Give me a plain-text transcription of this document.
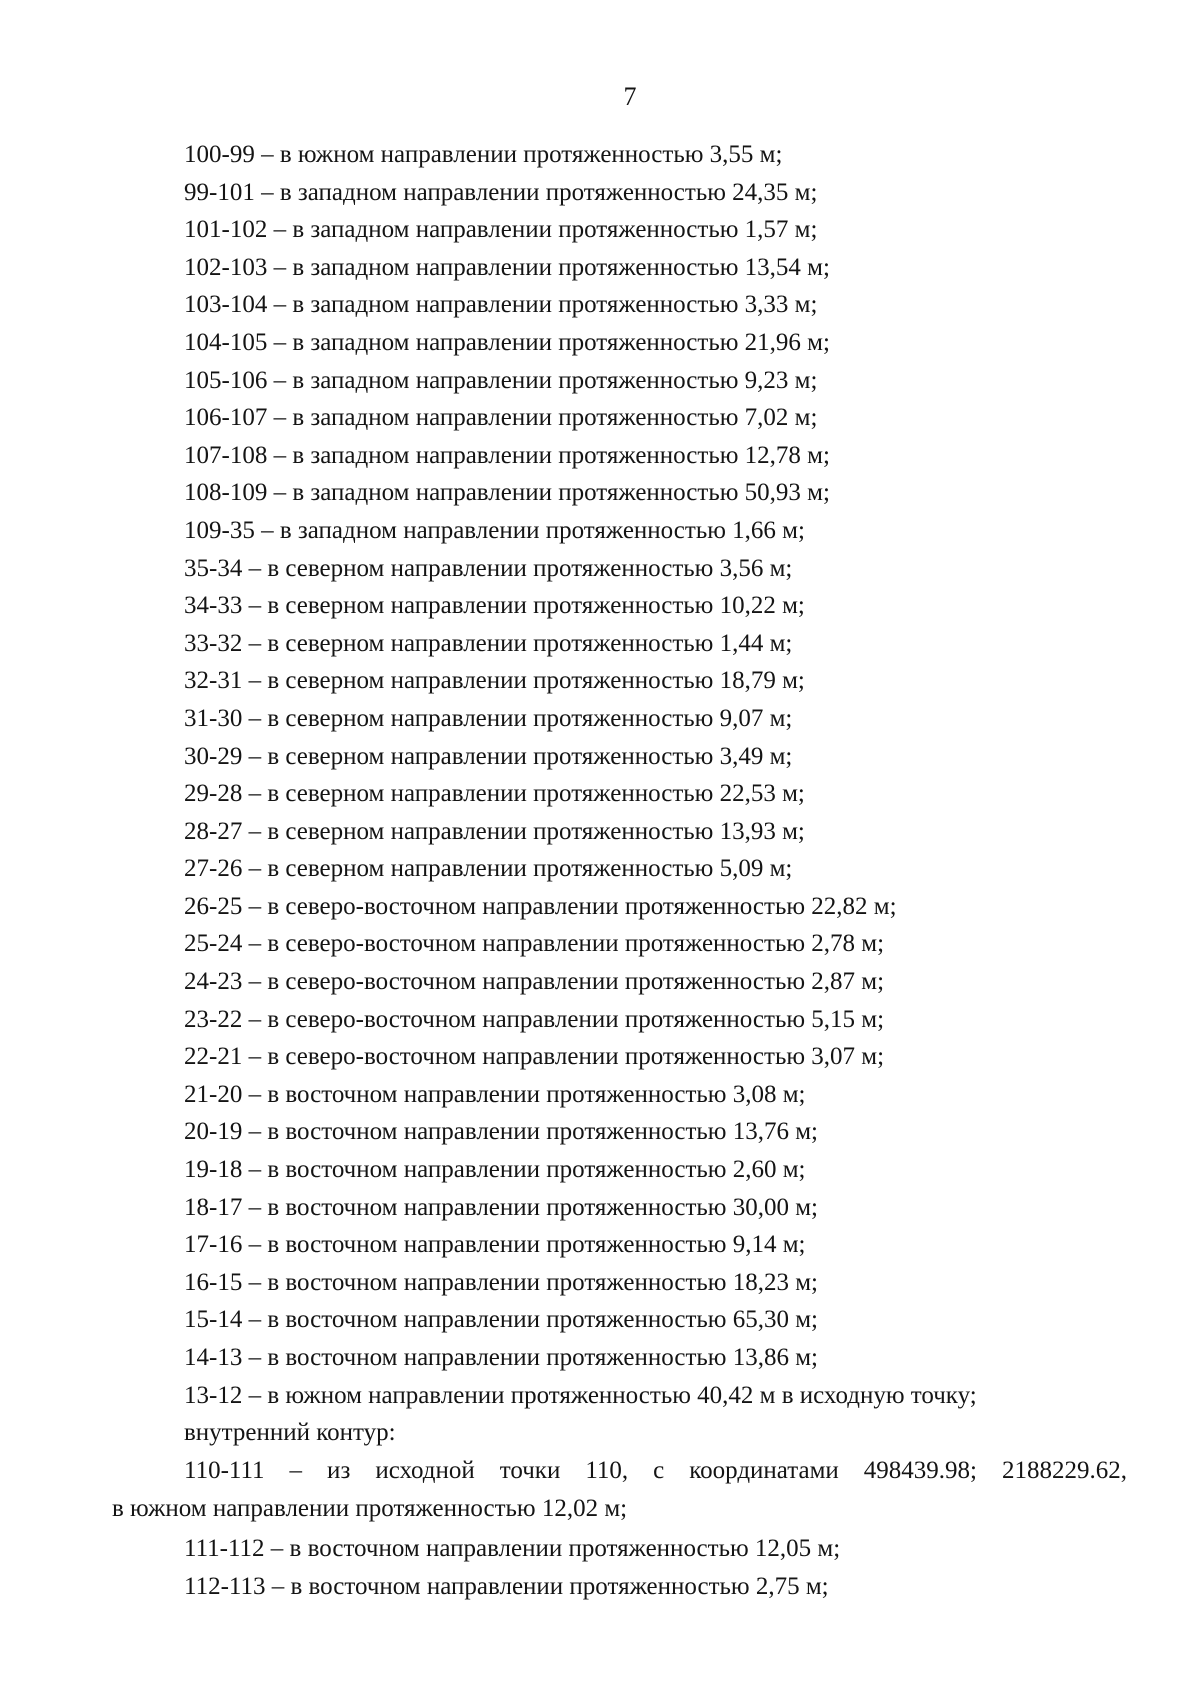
7
100-99 – в южном направлении протяженностью 3,55 м;
99-101 – в западном направлении протяженностью 24,35 м;
101-102 – в западном направлении протяженностью 1,57 м;
102-103 – в западном направлении протяженностью 13,54 м;
103-104 – в западном направлении протяженностью 3,33 м;
104-105 – в западном направлении протяженностью 21,96 м;
105-106 – в западном направлении протяженностью 9,23 м;
106-107 – в западном направлении протяженностью 7,02 м;
107-108 – в западном направлении протяженностью 12,78 м;
108-109 – в западном направлении протяженностью 50,93 м;
109-35 – в западном направлении протяженностью 1,66 м;
35-34 – в северном направлении протяженностью 3,56 м;
34-33 – в северном направлении протяженностью 10,22 м;
33-32 – в северном направлении протяженностью 1,44 м;
32-31 – в северном направлении протяженностью 18,79 м;
31-30 – в северном направлении протяженностью 9,07 м;
30-29 – в северном направлении протяженностью 3,49 м;
29-28 – в северном направлении протяженностью 22,53 м;
28-27 – в северном направлении протяженностью 13,93 м;
27-26 – в северном направлении протяженностью 5,09 м;
26-25 – в северо-восточном направлении протяженностью 22,82 м;
25-24 – в северо-восточном направлении протяженностью 2,78 м;
24-23 – в северо-восточном направлении протяженностью 2,87 м;
23-22 – в северо-восточном направлении протяженностью 5,15 м;
22-21 – в северо-восточном направлении протяженностью 3,07 м;
21-20 – в восточном направлении протяженностью 3,08 м;
20-19 – в восточном направлении протяженностью 13,76 м;
19-18 – в восточном направлении протяженностью 2,60 м;
18-17 – в восточном направлении протяженностью 30,00 м;
17-16 – в восточном направлении протяженностью 9,14 м;
16-15 – в восточном направлении протяженностью 18,23 м;
15-14 – в восточном направлении протяженностью 65,30 м;
14-13 – в восточном направлении протяженностью 13,86 м;
13-12 – в южном направлении протяженностью 40,42 м в исходную точку;
внутренний контур:
110-111 – из исходной точки 110, с координатами 498439.98; 2188229.62,
в южном направлении протяженностью 12,02 м;
111-112 – в восточном направлении протяженностью 12,05 м;
112-113 – в восточном направлении протяженностью 2,75 м;
